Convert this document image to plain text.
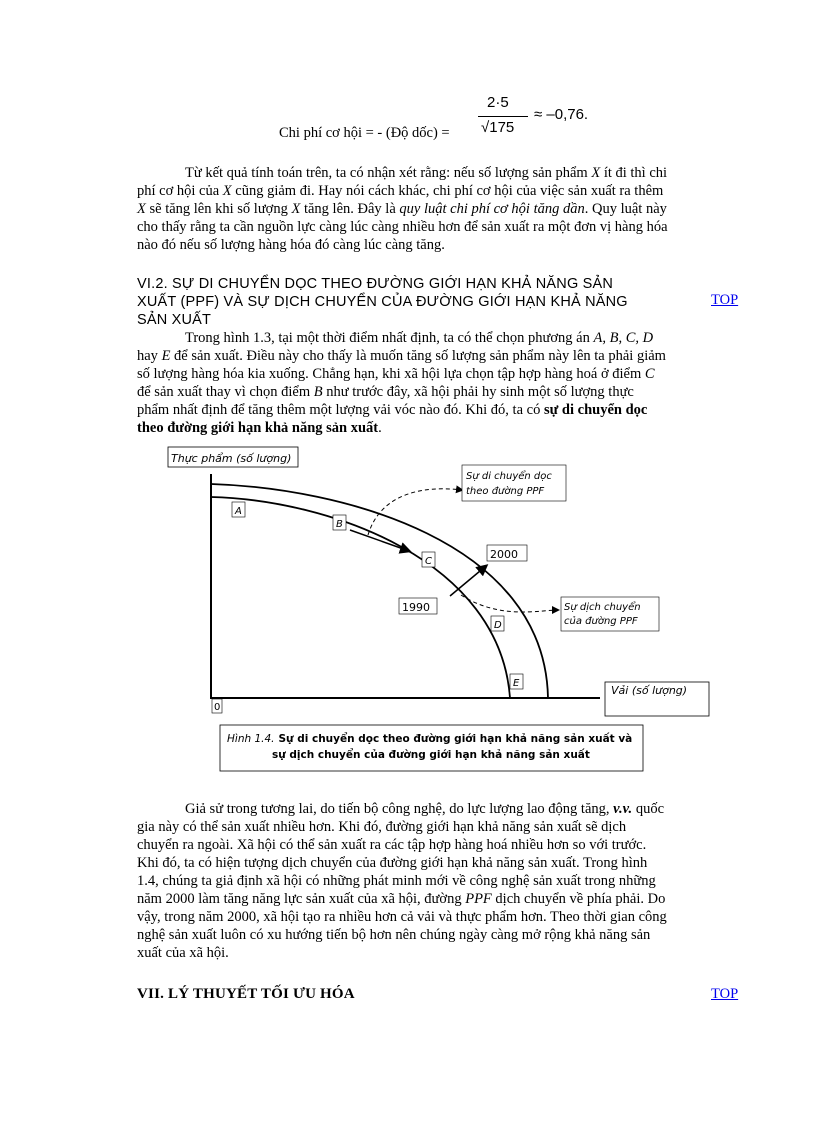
Chi phí cơ hội = - (Độ dốc) =
2·5
√175
≈ –0,76.
Từ kết quả tính toán trên, ta có nhận xét rằng: nếu số lượng sản phẩm X ít đi thì chi
phí cơ hội của X cũng giảm đi. Hay nói cách khác, chi phí cơ hội của việc sản xuất ra thêm
X sẽ tăng lên khi số lượng X tăng lên. Đây là quy luật chi phí cơ hội tăng dần. Quy luật này
cho thấy rằng ta cần nguồn lực càng lúc càng nhiều hơn để sản xuất ra một đơn vị hàng hóa
nào đó nếu số lượng hàng hóa đó càng lúc càng tăng.
VI.2. SỰ DI CHUYỂN DỌC THEO ĐƯỜNG GIỚI HẠN KHẢ NĂNG SẢN
XUẤT (PPF) VÀ SỰ DỊCH CHUYỂN CỦA ĐƯỜNG GIỚI HẠN KHẢ NĂNG
SẢN XUẤT
TOP
Trong hình 1.3, tại một thời điểm nhất định, ta có thể chọn phương án A, B, C, D
hay E để sản xuất. Điều này cho thấy là muốn tăng số lượng sản phẩm này lên ta phải giảm
số lượng hàng hóa kia xuống. Chẳng hạn, khi xã hội lựa chọn tập hợp hàng hoá ở điểm C
để sản xuất thay vì chọn điểm B như trước đây, xã hội phải hy sinh một số lượng thực
phẩm nhất định để tăng thêm một lượng vải vóc nào đó. Khi đó, ta có sự di chuyển dọc
theo đường giới hạn khả năng sản xuất.
Thực phẩm (số lượng)
0
Vải (số lượng)
A
B
C
D
E
1990
2000
Sự di chuyển dọc
theo đường PPF
Sự dịch chuyển
của đường PPF
Hình 1.4. Sự di chuyển dọc theo đường giới hạn khả năng sản xuất và
sự dịch chuyển của đường giới hạn khả năng sản xuất
Giả sử trong tương lai, do tiến bộ công nghệ, do lực lượng lao động tăng, v.v. quốc
gia này có thể sản xuất nhiều hơn. Khi đó, đường giới hạn khả năng sản xuất sẽ dịch
chuyển ra ngoài. Xã hội có thể sản xuất ra các tập hợp hàng hoá nhiều hơn so với trước.
Khi đó, ta có hiện tượng dịch chuyển của đường giới hạn khả năng sản xuất. Trong hình
1.4, chúng ta giả định xã hội có những phát minh mới về công nghệ sản xuất trong những
năm 2000 làm tăng năng lực sản xuất của xã hội, đường PPF dịch chuyển về phía phải. Do
vậy, trong năm 2000, xã hội tạo ra nhiều hơn cả vải và thực phẩm hơn. Theo thời gian công
nghệ sản xuất luôn có xu hướng tiến bộ hơn nên chúng ngày càng mở rộng khả năng sản
xuất của xã hội.
VII. LÝ THUYẾT TỐI ƯU HÓA	TOP
